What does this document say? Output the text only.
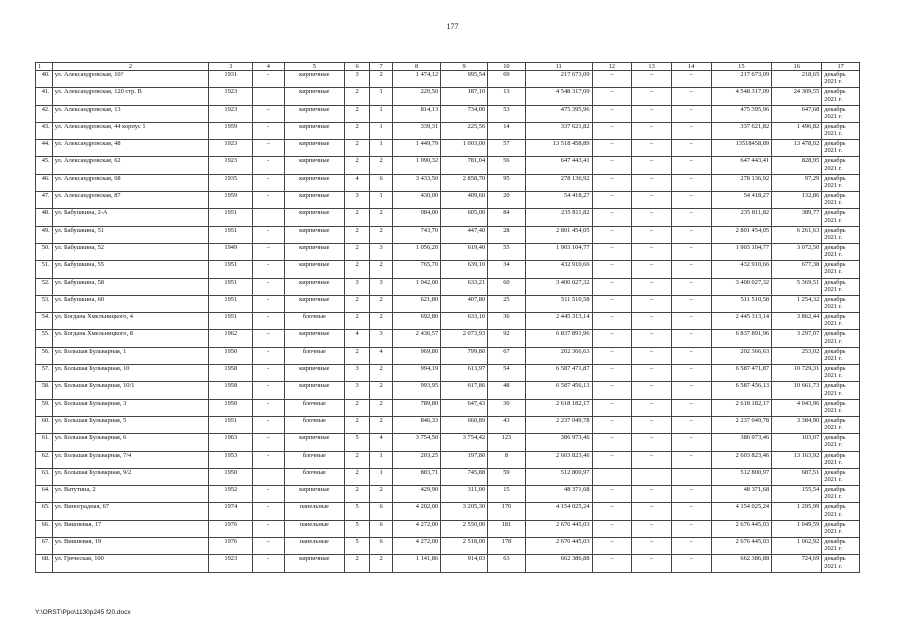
177
1	2	3	4	5	6	7	8	9	10	11	12	13	14	15	16	17
40.	ул. Александровская, 10?	1931	-	кирпичные	3	2	1 474,12	995,54	69	217 673,09	–	–	–	217 673,09	218,65	декабрь 2021 г.
41.	ул. Александровская, 120 стр. В	1923		кирпичные	2	1	220,50	187,10	13	4 548 317,09	–	–	–	4 548 317,09	24 309,55	декабрь 2021 г.
42.	ул. Александровская, 13	1923	–	кирпичные	2	1	814,13	734,00	53	475 395,96	–	–	–	475 395,96	647,68	декабрь 2021 г.
43.	ул. Александровская, 44 корпус 1	1959	-	кирпичные	2	1	339,31	225,56	14	337 621,82	–	–	–	337 621,82	1 496,82	декабрь 2021 г.
44.	ул. Александровская, 48	1923	–	кирпичные	2	1	1 449,79	1 003,00	57	13 518 458,89	–	–	–	13518458,89	13 478,02	декабрь 2021 г.
45.	ул. Александровская, 62	1923	-	кирпичные	2	2	1 090,32	781,04	56	647 443,41	–	–	–	647 443,41	828,95	декабрь 2021 г.
46.	ул. Александровская, 68	1935	-	кирпичные	4	6	3 433,50	2 858,70	95	278 136,92	–	–	–	278 136,92	97,29	декабрь 2021 г.
47.	ул. Александровская, 87	1959	-	кирпичные	3	1	430,00	409,60	20	54 418,27	–	–	–	54 418,27	132,86	декабрь 2021 г.
48.	ул. Бабушкина, 2-А	1951		кирпичные	2	2	984,00	605,00	84	235 811,82	–	–	–	235 811,82	389,77	декабрь 2021 г.
49.	ул. Бабушкина, 51	1951	-	кирпичные	2	2	743,70	447,40	28	2 801 454,05	–	–	–	2 801 454,05	6 261,63	декабрь 2021 г.
50.	ул. Бабушкина, 52	1949	–	кирпичные	2	3	1 056,20	619,40	55	1 903 104,77	–	–	–	1 903 104,77	3 072,50	декабрь 2021 г.
51.	ул. Бабушкина, 55	1951	-	кирпичные	2	2	765,70	639,10	34	432 910,66	–	–	–	432 910,66	677,38	декабрь 2021 г.
52.	ул. Бабушкина, 58	1951	-	кирпичные	3	3	1 042,00	633,21	60	3 400 027,32	–	–	–	3 400 027,32	5 369,51	декабрь 2021 г.
53.	ул. Бабушкина, 60	1951	-	кирпичные	2	2	621,80	407,80	25	511 510,58	–	–	–	511 510,58	1 254,32	декабрь 2021 г.
54.	ул. Богдана Хмельницкого, 4	1951	-	блочные	2	2	692,80	633,10	36	2 445 313,14	–	–	–	2 445 313,14	3 862,44	декабрь 2021 г.
55.	ул. Богдана Хмельницкого, 8	1962	–	кирпичные	4	3	2 436,57	2 073,93	92	6 837 891,96	–	–	–	6 837 891,96	3 297,07	декабрь 2021 г.
56.	ул. Большая Бульварная, 1	1950	-	блочные	2	4	969,80	799,80	67	202 366,63	–	–	–	202 366,63	253,02	декабрь 2021 г.
57.	ул. Большая Бульварная, 10	1958	-	кирпичные	3	2	994,19	613,97	54	6 587 471,87	–	–	–	6 587 471,87	10 729,31	декабрь 2021 г.
58.	ул. Большая Бульварная, 10/1	1958	-	кирпичные	3	2	993,95	617,86	48	6 587 456,13	–	–	–	6 587 456,13	10 661,73	декабрь 2021 г.
59.	ул. Большая Бульварная, 3	1950	-	блочные	2	2	789,80	647,43	30	2 618 182,17	–	–	–	2 618 182,17	4 043,96	декабрь 2021 г.
60.	ул. Большая Бульварная, 5	1951	-	блочные	2	2	846,33	660,89	43	2 237 049,78	–	–	–	2 237 049,78	3 384,90	декабрь 2021 г.
61.	ул. Большая Бульварная, 6	1963	–	кирпичные	5	4	3 754,50	3 754,42	123	386 973,46	–	–	–	386 973,46	103,07	декабрь 2021 г.
62.	ул. Большая Бульварная, 7/4	1953	-	блочные	2	1	203,25	197,80	8	2 603 823,46	–	–	–	2 603 823,46	13 163,92	декабрь 2021 г.
63.	ул. Большая Бульварная, 9/2	1950		блочные	2	1	883,71	745,88	59	512 800,97				512 800,97	687,51	декабрь 2021 г.
64.	ул. Ватутина, 2	1952	-	кирпичные	2	2	429,90	311,00	15	48 371,68	–	–	–	48 371,68	155,54	декабрь 2021 г.
65.	ул. Виноградная, 67	1974	-	панельные	5	6	4 202,00	3 205,30	170	4 154 025,24	–	–	–	4 154 025,24	1 295,99	декабрь 2021 г.
66.	ул. Вишневая, 17	1976	-	панельные	5	6	4 272,00	2 550,00	181	2 676 445,03	–	–	–	2 676 445,03	1 049,59	декабрь 2021 г.
67.	ул. Вишневая, 19	1976	–	панельные	5	6	4 272,00	2 518,00	178	2 676 445,03	–	–	–	2 676 445,03	1 062,92	декабрь 2021 г.
68.	ул. Греческая, 100	1923	-	кирпичные	2	2	1 141,86	914,03	63	662 386,88	–	–	–	662 386,88	724,69	декабрь 2021 г.
Y:\ORST\Ppo\1130p245 f20.docx
